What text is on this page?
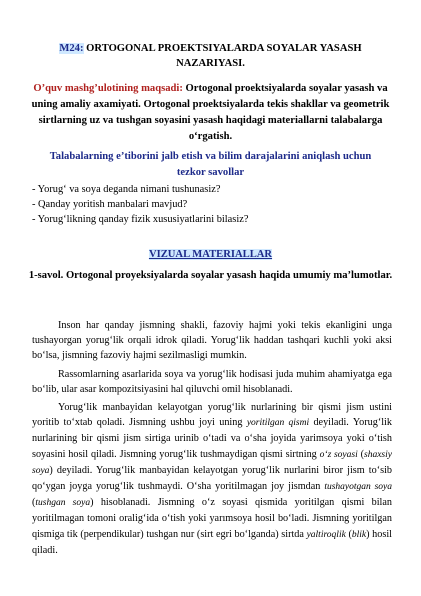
M24: ORTOGONAL PROEKTSIYALARDA SOYALAR YASASH NAZARIYASI.
O’quv mashg’ulotining maqsadi: Ortogonal proektsiyalarda soyalar yasash va uning amaliy axamiyati. Ortogonal proektsiyalarda tekis shakllar va geometrik sirtlarning uz va tushgan soyasini yasash haqidagi materiallarni talabalarga o‘rgatish.
Talabalarning e’tiborini jalb etish va bilim darajalarini aniqlash uchun
tezkor savollar
- Yorug‘ va soya deganda nimani tushunasiz?
- Qanday yoritish manbalari mavjud?
- Yorug‘likning qanday fizik xususiyatlarini bilasiz?
VIZUAL MATERIALLAR
1-savol. Ortogonal proyeksiyalarda soyalar yasash haqida umumiy ma’lumotlar.

Inson har qanday jismning shakli, fazoviy hajmi yoki tekis ekanligini unga tushayorgan yorug‘lik orqali idrok qiladi. Yorug‘lik haddan tashqari kuchli yoki aksi bo‘lsa, jismning fazoviy hajmi sezilmasligi mumkin.

Rassomlarning asarlarida soya va yorug‘lik hodisasi juda muhim ahamiyatga ega bo‘lib, ular asar kompozitsiyasini hal qiluvchi omil hisoblanadi.

Yorug‘lik manbayidan kelayotgan yorug‘lik nurlarining bir qismi jism ustini yoritib to‘xtab qoladi. Jismning ushbu joyi uning yoritilgan qismi deyiladi. Yorug‘lik nurlarining bir qismi jism sirtiga urinib o‘tadi va o‘sha joyida yarimsoya yoki o‘tish soyasini hosil qiladi. Jismning yorug‘lik tushmaydigan qismi sirtning o‘z soyasi (shaxsiy soya) deyiladi. Yorug‘lik manbayidan kelayotgan yorug‘lik nurlarini biror jism to‘sib qo‘ygan joyga yorug‘lik tushmaydi. O‘sha yoritilmagan joy jismdan tushayotgan soya (tushgan soya) hisoblanadi. Jismning o‘z soyasi qismida yoritilgan qismi bilan yoritilmagan tomoni oralig‘ida o‘tish yoki yarımsoya hosil bo‘ladi. Jismning yoritilgan qismiga tik (perpendikular) tushgan nur (sirt egri bo‘lganda) sirtda yaltiroqlik (blik) hosil qiladi.
